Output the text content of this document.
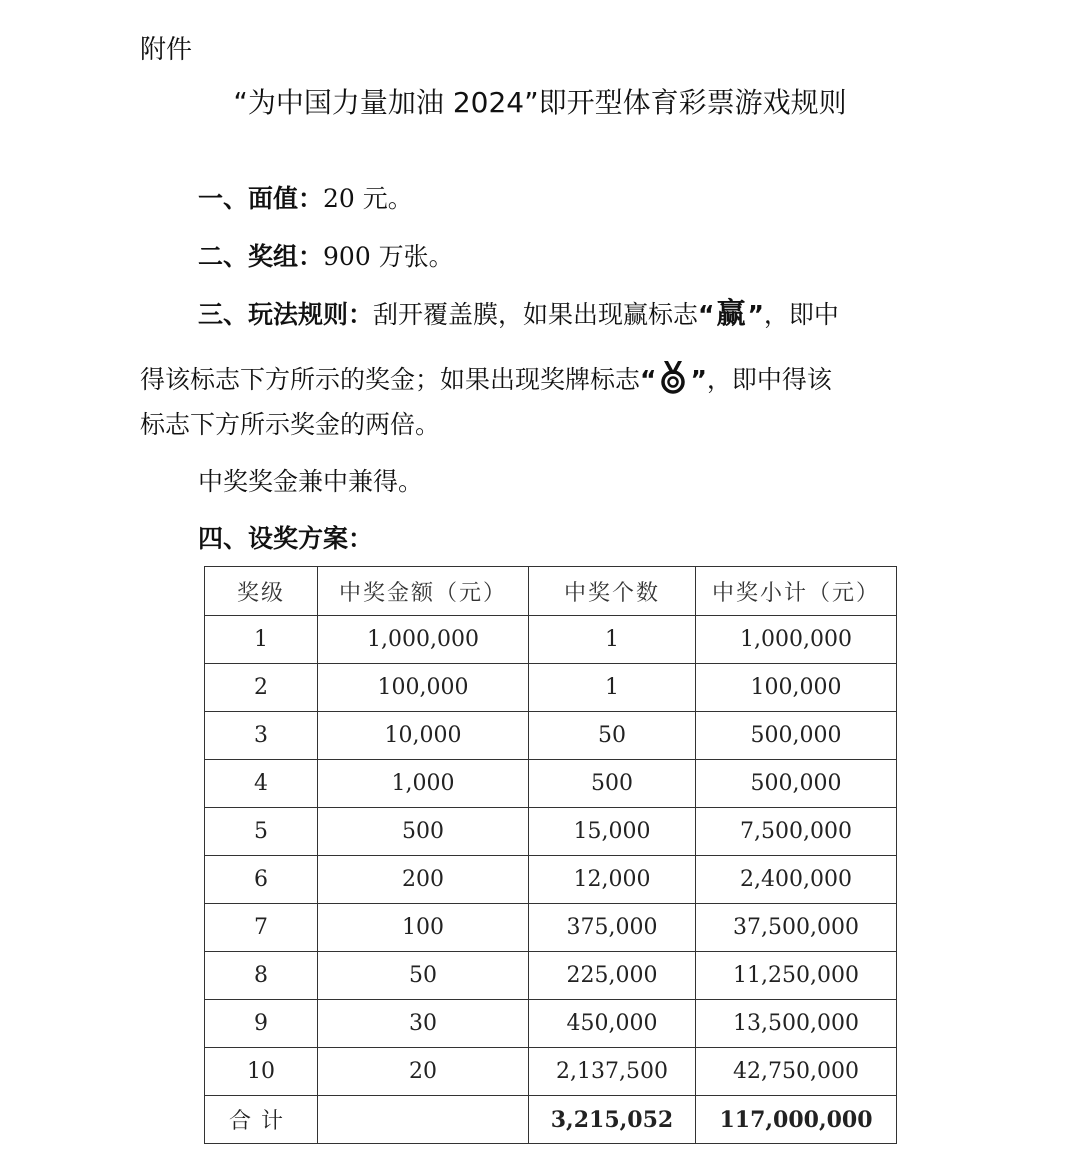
附件

“为中国力量加油 2024”即开型体育彩票游戏规则

一、面值：20 元。

二、奖组：900 万张。

三、玩法规则：刮开覆盖膜，如果出现赢标志“赢”，即中

得该标志下方所示的奖金；如果出现奖牌标志“ ”，即中得该

标志下方所示奖金的两倍。

中奖奖金兼中兼得。

四、设奖方案：

奖级	中奖金额（元）	中奖个数	中奖小计（元）
1	1,000,000	1	1,000,000
2	100,000	1	100,000
3	10,000	50	500,000
4	1,000	500	500,000
5	500	15,000	7,500,000
6	200	12,000	2,400,000
7	100	375,000	37,500,000
8	50	225,000	11,250,000
9	30	450,000	13,500,000
10	20	2,137,500	42,750,000
合计		3,215,052	117,000,000
